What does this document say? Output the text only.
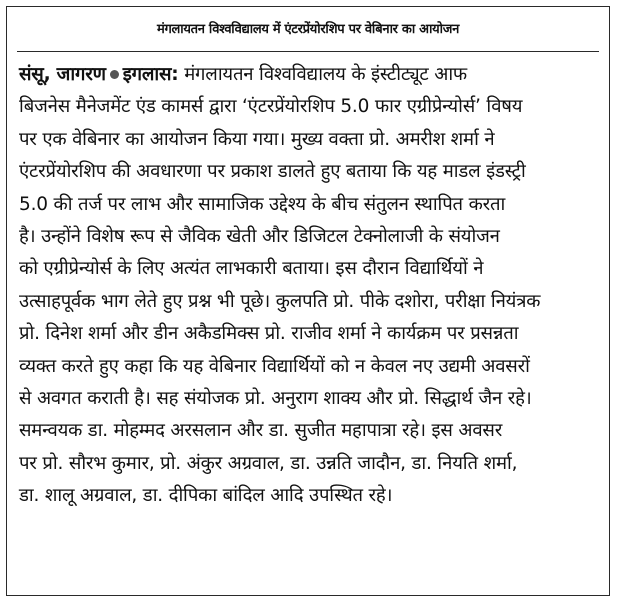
मंगलायतन विश्वविद्यालय में एंटरप्रेंयोरशिप पर वेबिनार का आयोजन
संसू, जागरण इगलास: मंगलायतन विश्वविद्यालय के इंस्टीट्यूट आफ
बिजनेस मैनेजमेंट एंड कामर्स द्वारा ‘एंटरप्रेंयोरशिप 5.0 फार एग्रीप्रेन्योर्स’ विषय
पर एक वेबिनार का आयोजन किया गया। मुख्य वक्ता प्रो. अमरीश शर्मा ने
एंटरप्रेंयोरशिप की अवधारणा पर प्रकाश डालते हुए बताया कि यह माडल इंडस्ट्री
5.0 की तर्ज पर लाभ और सामाजिक उद्देश्य के बीच संतुलन स्थापित करता
है। उन्होंने विशेष रूप से जैविक खेती और डिजिटल टेक्नोलाजी के संयोजन
को एग्रीप्रेन्योर्स के लिए अत्यंत लाभकारी बताया। इस दौरान विद्यार्थियों ने
उत्साहपूर्वक भाग लेते हुए प्रश्न भी पूछे। कुलपति प्रो. पीके दशोरा, परीक्षा नियंत्रक
प्रो. दिनेश शर्मा और डीन अकैडमिक्स प्रो. राजीव शर्मा ने कार्यक्रम पर प्रसन्नता
व्यक्त करते हुए कहा कि यह वेबिनार विद्यार्थियों को न केवल नए उद्यमी अवसरों
से अवगत कराती है। सह संयोजक प्रो. अनुराग शाक्य और प्रो. सिद्धार्थ जैन रहे।
समन्वयक डा. मोहम्मद अरसलान और डा. सुजीत महापात्रा रहे। इस अवसर
पर प्रो. सौरभ कुमार, प्रो. अंकुर अग्रवाल, डा. उन्नति जादौन, डा. नियति शर्मा,
डा. शालू अग्रवाल, डा. दीपिका बांदिल आदि उपस्थित रहे।
